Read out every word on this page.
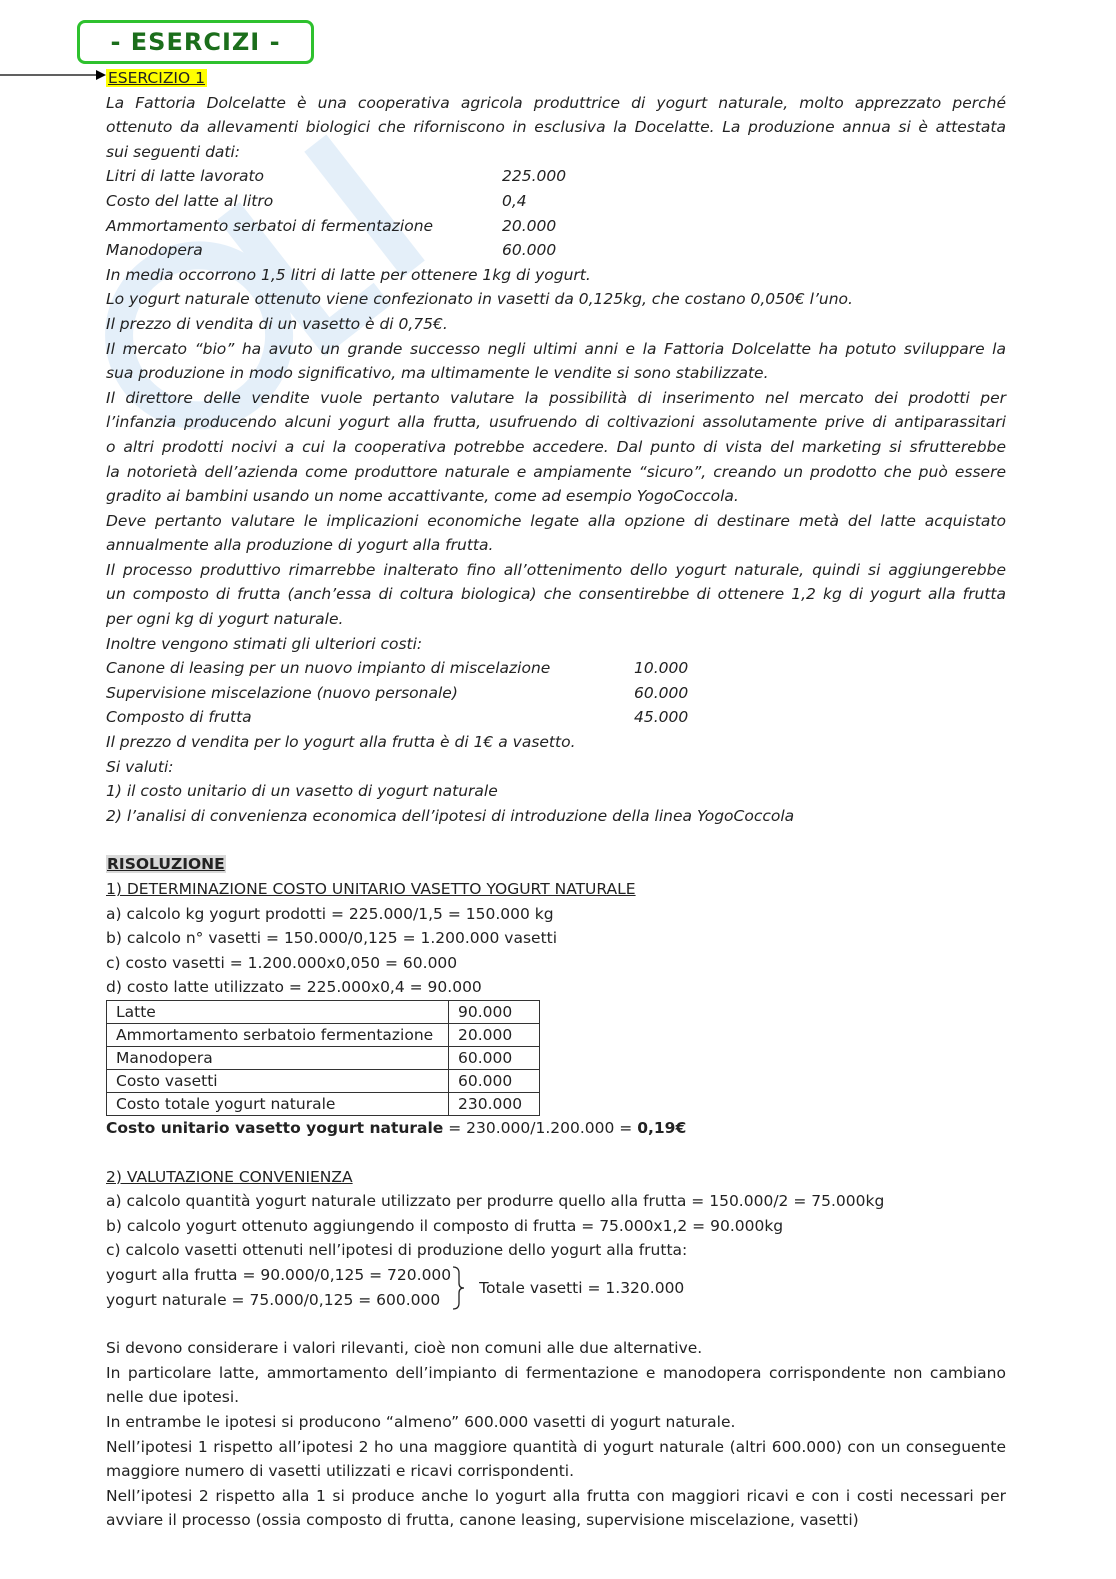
- ESERCIZI -
ESERCIZIO 1
La Fattoria Dolcelatte è una cooperativa agricola produttrice di yogurt naturale, molto apprezzato perché
ottenuto da allevamenti biologici che riforniscono in esclusiva la Docelatte. La produzione annua si è attestata
sui seguenti dati:
Litri di latte lavorato	225.000
Costo del latte al litro	0,4
Ammortamento serbatoi di fermentazione	20.000
Manodopera	60.000
In media occorrono 1,5 litri di latte per ottenere 1kg di yogurt.
Lo yogurt naturale ottenuto viene confezionato in vasetti da 0,125kg, che costano 0,050€ l’uno.
Il prezzo di vendita di un vasetto è di 0,75€.
Il mercato “bio” ha avuto un grande successo negli ultimi anni e la Fattoria Dolcelatte ha potuto sviluppare la
sua produzione in modo significativo, ma ultimamente le vendite si sono stabilizzate.
Il direttore delle vendite vuole pertanto valutare la possibilità di inserimento nel mercato dei prodotti per
l’infanzia producendo alcuni yogurt alla frutta, usufruendo di coltivazioni assolutamente prive di antiparassitari
o altri prodotti nocivi a cui la cooperativa potrebbe accedere. Dal punto di vista del marketing si sfrutterebbe
la notorietà dell’azienda come produttore naturale e ampiamente “sicuro”, creando un prodotto che può essere
gradito ai bambini usando un nome accattivante, come ad esempio YogoCoccola.
Deve pertanto valutare le implicazioni economiche legate alla opzione di destinare metà del latte acquistato
annualmente alla produzione di yogurt alla frutta.
Il processo produttivo rimarrebbe inalterato fino all’ottenimento dello yogurt naturale, quindi si aggiungerebbe
un composto di frutta (anch’essa di coltura biologica) che consentirebbe di ottenere 1,2 kg di yogurt alla frutta
per ogni kg di yogurt naturale.
Inoltre vengono stimati gli ulteriori costi:
Canone di leasing per un nuovo impianto di miscelazione	10.000
Supervisione miscelazione (nuovo personale)	60.000
Composto di frutta	45.000
Il prezzo d vendita per lo yogurt alla frutta è di 1€ a vasetto.
Si valuti:
1) il costo unitario di un vasetto di yogurt naturale
2) l’analisi di convenienza economica dell’ipotesi di introduzione della linea YogoCoccola
RISOLUZIONE
1) DETERMINAZIONE COSTO UNITARIO VASETTO YOGURT NATURALE
a) calcolo kg yogurt prodotti = 225.000/1,5 = 150.000 kg
b) calcolo n° vasetti = 150.000/0,125 = 1.200.000 vasetti
c) costo vasetti = 1.200.000x0,050 = 60.000
d) costo latte utilizzato = 225.000x0,4 = 90.000
Latte	90.000
Ammortamento serbatoio fermentazione	20.000
Manodopera	60.000
Costo vasetti	60.000
Costo totale yogurt naturale	230.000
Costo unitario vasetto yogurt naturale = 230.000/1.200.000 = 0,19€
2) VALUTAZIONE CONVENIENZA
a) calcolo quantità yogurt naturale utilizzato per produrre quello alla frutta = 150.000/2 = 75.000kg
b) calcolo yogurt ottenuto aggiungendo il composto di frutta = 75.000x1,2 = 90.000kg
c) calcolo vasetti ottenuti nell’ipotesi di produzione dello yogurt alla frutta:
yogurt alla frutta = 90.000/0,125 = 720.000
yogurt naturale = 75.000/0,125 = 600.000
Totale vasetti = 1.320.000
Si devono considerare i valori rilevanti, cioè non comuni alle due alternative.
In particolare latte, ammortamento dell’impianto di fermentazione e manodopera corrispondente non cambiano
nelle due ipotesi.
In entrambe le ipotesi si producono “almeno” 600.000 vasetti di yogurt naturale.
Nell’ipotesi 1 rispetto all’ipotesi 2 ho una maggiore quantità di yogurt naturale (altri 600.000) con un conseguente
maggiore numero di vasetti utilizzati e ricavi corrispondenti.
Nell’ipotesi 2 rispetto alla 1 si produce anche lo yogurt alla frutta con maggiori ricavi e con i costi necessari per
avviare il processo (ossia composto di frutta, canone leasing, supervisione miscelazione, vasetti)
